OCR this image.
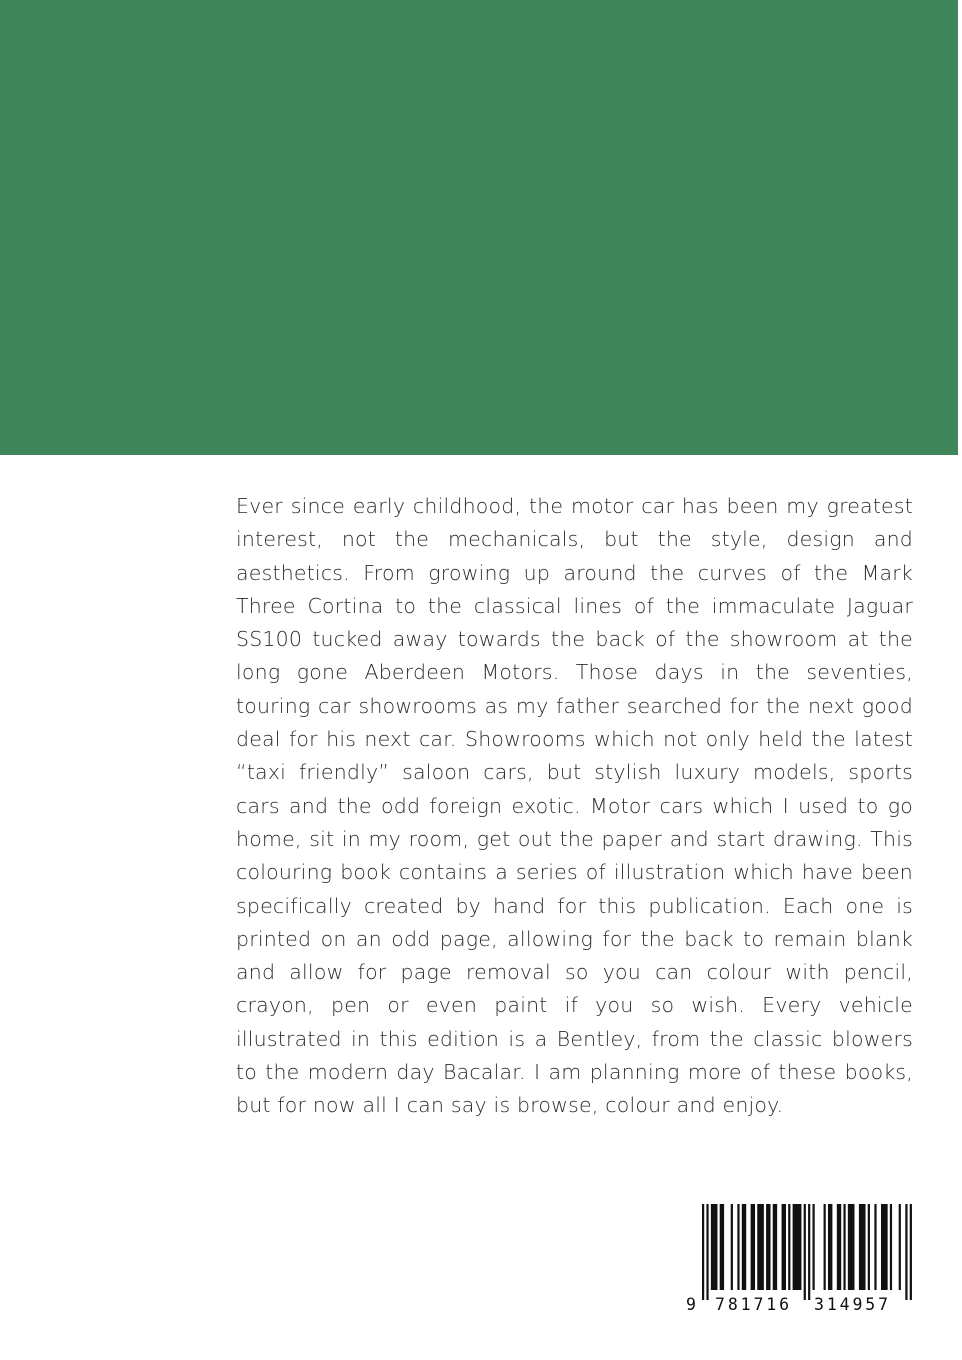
Ever since early childhood, the motor car has been my greatest interest, not the mechanicals, but the style, design and aesthetics. From growing up around the curves of the Mark Three Cortina to the classical lines of the immaculate Jaguar SS100 tucked away towards the back of the showroom at the long gone Aberdeen Motors. Those days in the seventies, touring car showrooms as my father searched for the next good deal for his next car. Showrooms which not only held the latest “taxi friendly” saloon cars, but stylish luxury models, sports cars and the odd foreign exotic. Motor cars which I used to go home, sit in my room, get out the paper and start drawing. This colouring book contains a series of illustration which have been specifically created by hand for this publication. Each one is printed on an odd page, allowing for the back to remain blank and allow for page removal so you can colour with pencil, crayon, pen or even paint if you so wish. Every vehicle illustrated in this edition is a Bentley, from the classic blowers to the modern day Bacalar. I am planning more of these books, but for now all I can say is browse, colour and enjoy.

9 781716 314957
